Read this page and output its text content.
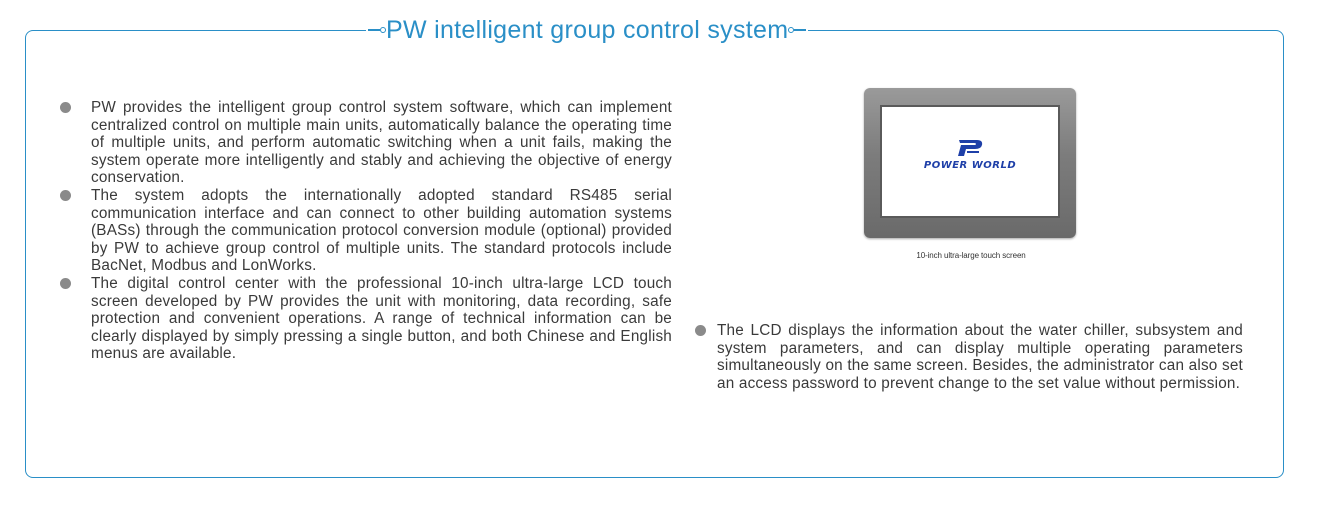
PW intelligent group control system
PW provides the intelligent group control system software, which can implement centralized control on multiple main units, automatically balance the operating time of multiple units, and perform automatic switching when a unit fails, making the system operate more intelligently and stably and achieving the objective of energy conservation.
The system adopts the internationally adopted standard RS485 serial communication interface and can connect to other building automation systems (BASs) through the communication protocol conversion module (optional) provided by PW to achieve group control of multiple units. The standard protocols include BacNet, Modbus and LonWorks.
The digital control center with the professional 10-inch ultra-large LCD touch screen developed by PW provides the unit with monitoring, data recording, safe protection and convenient operations. A range of technical information can be clearly displayed by simply pressing a single button, and both Chinese and English menus are available.
POWER WORLD
10-inch ultra-large touch screen
The LCD displays the information about the water chiller, subsystem and system parameters, and can display multiple operating parameters simultaneously on the same screen. Besides, the administrator can also set an access password to prevent change to the set value without permission.
